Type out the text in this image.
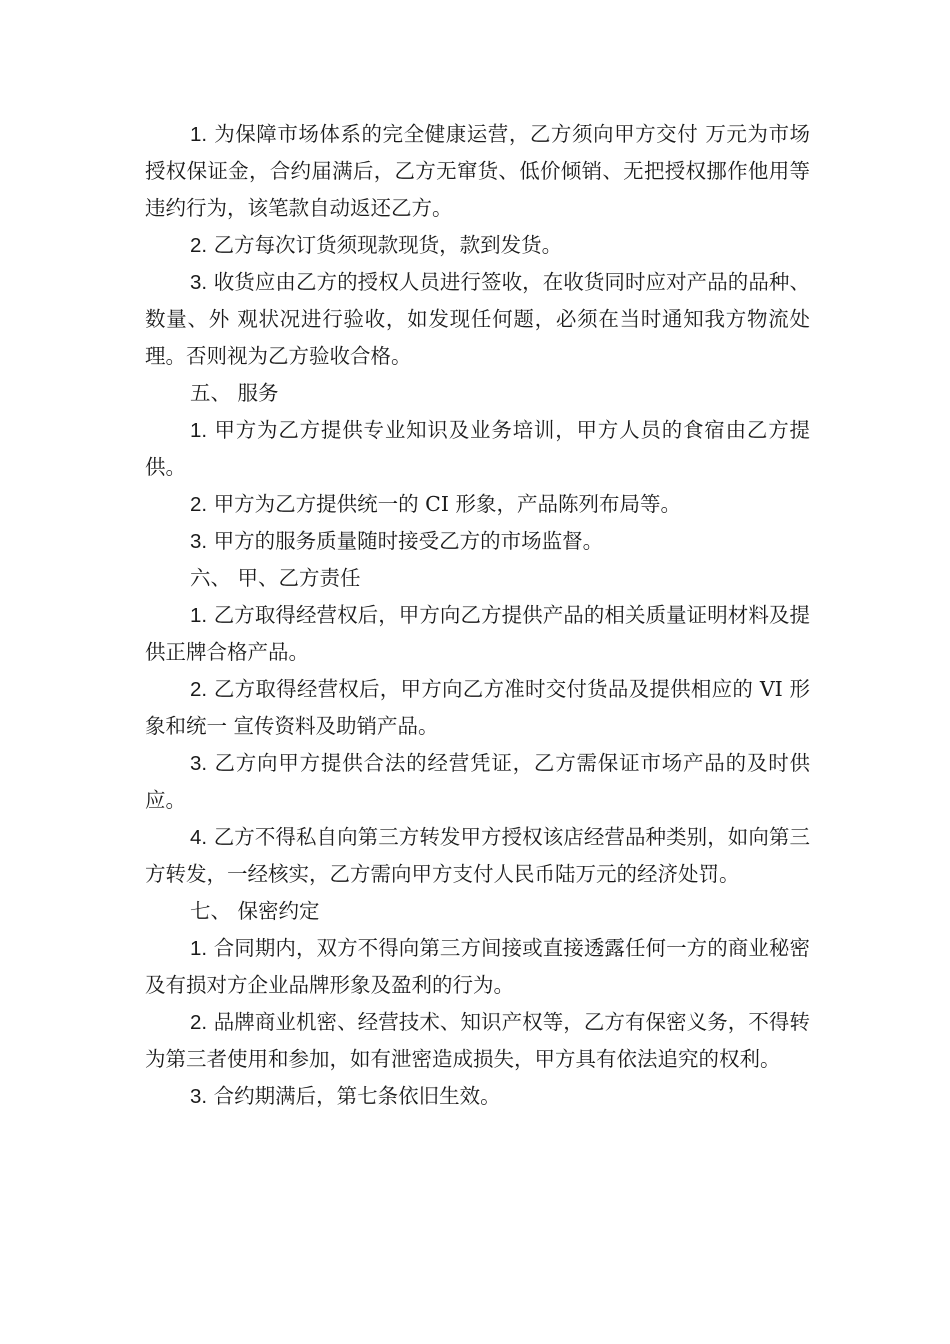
1. 为保障市场体系的完全健康运营，乙方须向甲方交付 万元为市场授权保证金，合约届满后，乙方无窜货、低价倾销、无把授权挪作他用等违约行为，该笔款自动返还乙方。

2. 乙方每次订货须现款现货，款到发货。

3. 收货应由乙方的授权人员进行签收，在收货同时应对产品的品种、数量、外 观状况进行验收，如发现任何题，必须在当时通知我方物流处理。否则视为乙方验收合格。

五、 服务

1. 甲方为乙方提供专业知识及业务培训，甲方人员的食宿由乙方提供。

2. 甲方为乙方提供统一的 CI 形象，产品陈列布局等。

3. 甲方的服务质量随时接受乙方的市场监督。

六、 甲、乙方责任

1. 乙方取得经营权后，甲方向乙方提供产品的相关质量证明材料及提供正牌合格产品。

2. 乙方取得经营权后，甲方向乙方准时交付货品及提供相应的 VI 形象和统一 宣传资料及助销产品。

3. 乙方向甲方提供合法的经营凭证，乙方需保证市场产品的及时供应。

4. 乙方不得私自向第三方转发甲方授权该店经营品种类别，如向第三方转发，一经核实，乙方需向甲方支付人民币陆万元的经济处罚。

七、 保密约定

1. 合同期内，双方不得向第三方间接或直接透露任何一方的商业秘密及有损对方企业品牌形象及盈利的行为。

2. 品牌商业机密、经营技术、知识产权等，乙方有保密义务，不得转为第三者使用和参加，如有泄密造成损失，甲方具有依法追究的权利。

3. 合约期满后，第七条依旧生效。
